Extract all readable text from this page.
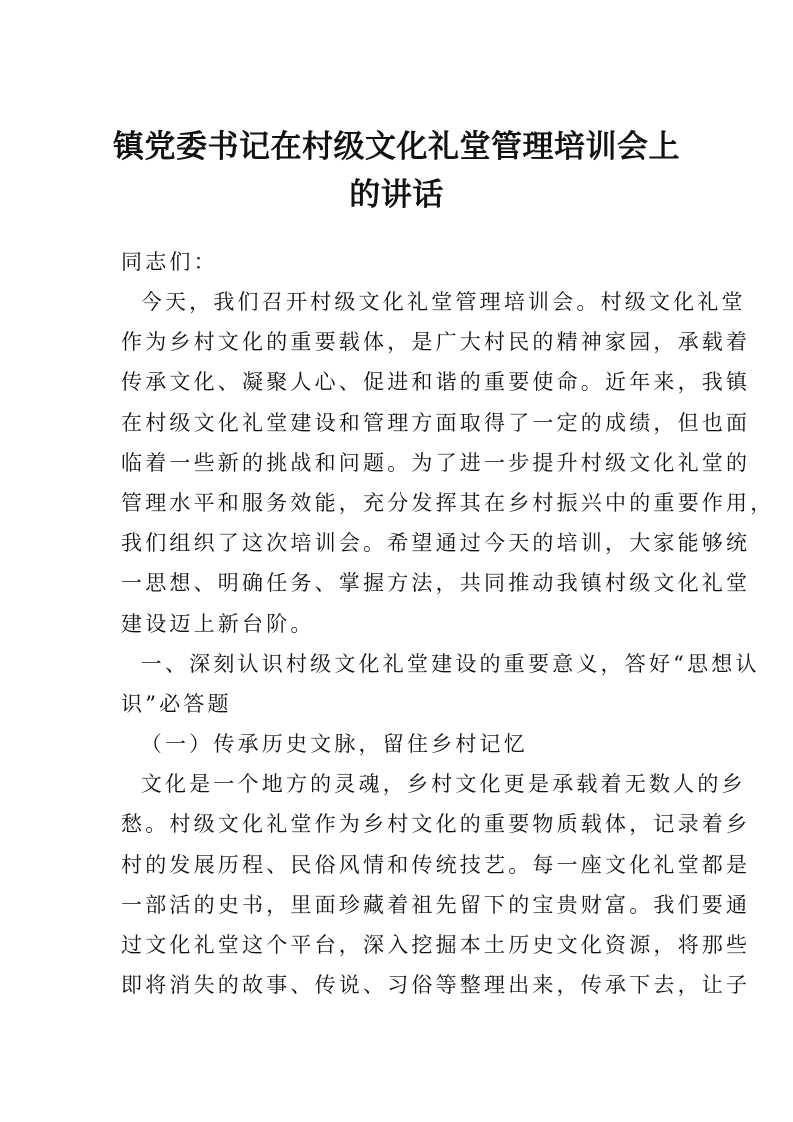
镇党委书记在村级文化礼堂管理培训会上
的讲话
同志们：
今天，我们召开村级文化礼堂管理培训会。村级文化礼堂
作为乡村文化的重要载体，是广大村民的精神家园，承载着
传承文化、凝聚人心、促进和谐的重要使命。近年来，我镇
在村级文化礼堂建设和管理方面取得了一定的成绩，但也面
临着一些新的挑战和问题。为了进一步提升村级文化礼堂的
管理水平和服务效能，充分发挥其在乡村振兴中的重要作用，
我们组织了这次培训会。希望通过今天的培训，大家能够统
一思想、明确任务、掌握方法，共同推动我镇村级文化礼堂
建设迈上新台阶。
一、深刻认识村级文化礼堂建设的重要意义，答好“思想认
识”必答题
（一）传承历史文脉，留住乡村记忆
文化是一个地方的灵魂，乡村文化更是承载着无数人的乡
愁。村级文化礼堂作为乡村文化的重要物质载体，记录着乡
村的发展历程、民俗风情和传统技艺。每一座文化礼堂都是
一部活的史书，里面珍藏着祖先留下的宝贵财富。我们要通
过文化礼堂这个平台，深入挖掘本土历史文化资源，将那些
即将消失的故事、传说、习俗等整理出来，传承下去，让子
